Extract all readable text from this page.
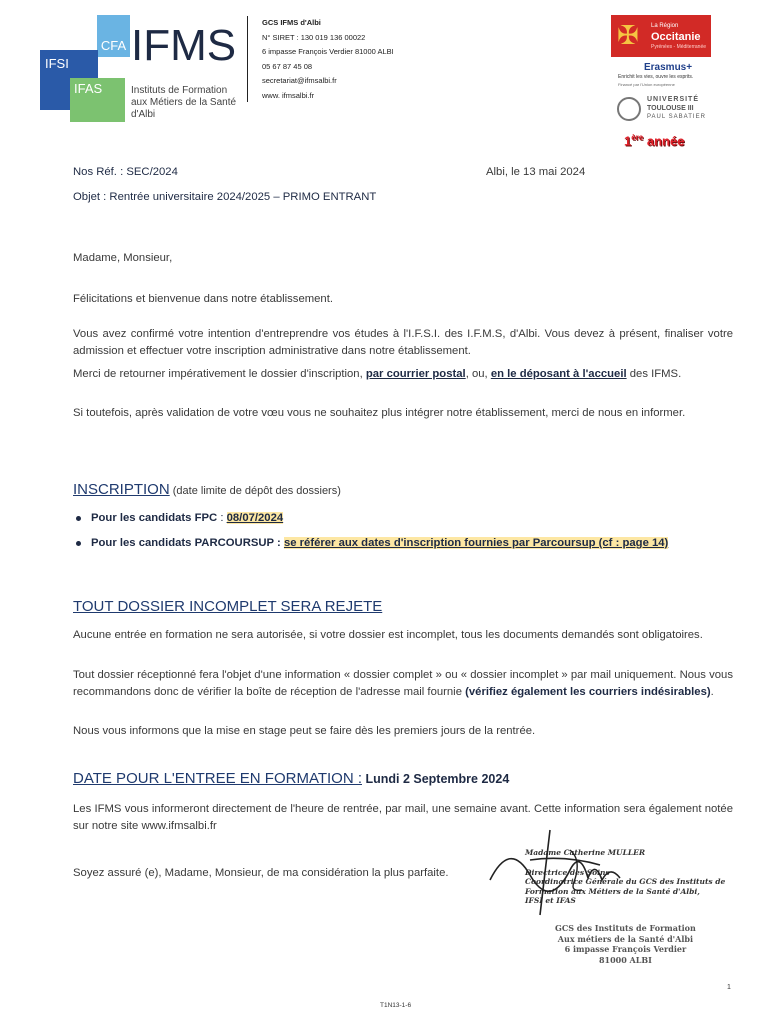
CFA
IFSI
IFAS
IFMS
Instituts de Formation
aux Métiers de la Santé
d'Albi
GCS IFMS d'Albi
N° SIRET : 130 019 136 00022
6 impasse François Verdier 81000 ALBI
05 67 87 45 08
secretariat@ifmsalbi.fr
www. ifmsalbi.fr
✠ La Région
Occitanie
Pyrénées - Méditerranée
Erasmus+
Enrichit les vies, ouvre les esprits.
Financé par l'Union européenne
UNIVERSITÉ
TOULOUSE III
PAUL SABATIER
1ère année
Nos Réf. : SEC/2024	Albi, le 13 mai 2024
Objet : Rentrée universitaire 2024/2025 – PRIMO ENTRANT
Madame, Monsieur,
Félicitations et bienvenue dans notre établissement.
Vous avez confirmé votre intention d'entreprendre vos études à l'I.F.S.I. des I.F.M.S, d'Albi. Vous devez à présent, finaliser votre admission et effectuer votre inscription administrative dans notre établissement.
Merci de retourner impérativement le dossier d'inscription, par courrier postal, ou, en le déposant à l'accueil des IFMS.
Si toutefois, après validation de votre vœu vous ne souhaitez plus intégrer notre établissement, merci de nous en informer.
INSCRIPTION (date limite de dépôt des dossiers)
Pour les candidats FPC : 08/07/2024
Pour les candidats PARCOURSUP : se référer aux dates d'inscription fournies par Parcoursup (cf : page 14)
TOUT DOSSIER INCOMPLET SERA REJETE
Aucune entrée en formation ne sera autorisée, si votre dossier est incomplet, tous les documents demandés sont obligatoires.
Tout dossier réceptionné fera l'objet d'une information « dossier complet » ou « dossier incomplet » par mail uniquement. Nous vous recommandons donc de vérifier la boîte de réception de l'adresse mail fournie (vérifiez également les courriers indésirables).
Nous vous informons que la mise en stage peut se faire dès les premiers jours de la rentrée.
DATE POUR L'ENTREE EN FORMATION : Lundi 2 Septembre 2024
Les IFMS vous informeront directement de l'heure de rentrée, par mail, une semaine avant. Cette information sera également notée sur notre site www.ifmsalbi.fr
Soyez assuré (e), Madame, Monsieur, de ma considération la plus parfaite.
Madame Catherine MULLER
Directrice des Soins
Coordinatrice Générale du GCS des Instituts de
Formation aux Métiers de la Santé d'Albi,
IFSI et IFAS
GCS des Instituts de Formation
Aux métiers de la Santé d'Albi
6 impasse François Verdier
81000 ALBI
1
T1N13-1-6
